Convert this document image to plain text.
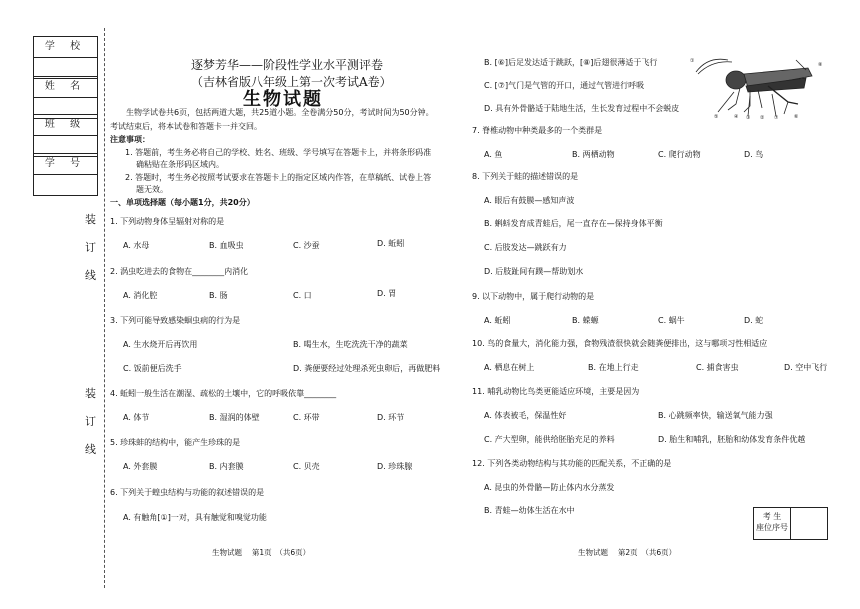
学 校
姓 名
班 级
学 号
装
订
线
装
订
线
逐梦芳华——阶段性学业水平测评卷
（吉林省版八年级上第一次考试A卷）
生物试题
生物学试卷共6页，包括两道大题，共25道小题。全卷满分50分，考试时间为50分钟。
考试结束后，将本试卷和答题卡一并交回。
注意事项：
1. 答题前，考生务必将自己的学校、姓名、班级、学号填写在答题卡上，并将条形码准
确粘贴在条形码区域内。
2. 答题时，考生务必按照考试要求在答题卡上的指定区域内作答，在草稿纸、试卷上答
题无效。
一、单项选择题（每小题1分，共20分）
1. 下列动物身体呈辐射对称的是
A. 水母	B. 血吸虫	C. 沙蚕	D. 蚯蚓
2. 涡虫吃进去的食物在________内消化
A. 消化腔	B. 肠	C. 口	D. 胃
3. 下列可能导致感染蛔虫病的行为是
A. 生水烧开后再饮用	B. 喝生水，生吃洗洗干净的蔬菜
C. 饭前便后洗手	D. 粪便要经过处理杀死虫卵后，再做肥料
4. 蚯蚓一般生活在潮湿、疏松的土壤中，它的呼吸依靠________
A. 体节	B. 湿润的体壁	C. 环带	D. 环节
5. 珍珠蚌的结构中，能产生珍珠的是
A. 外套膜	B. 内套膜	C. 贝壳	D. 珍珠腺
6. 下列关于蝗虫结构与功能的叙述错误的是
A. 有触角[①]一对，具有触觉和嗅觉功能
B. [⑥]后足发达适于跳跃，[⑧]后翅很薄适于飞行
C. [⑦]气门是气管的开口，通过气管进行呼吸
D. 具有外骨骼适于陆地生活，生长发育过程中不会蜕皮
①
⑤	④ ③ ② ⑦	⑥
⑧
7. 脊椎动物中种类最多的一个类群是
A. 鱼	B. 两栖动物	C. 爬行动物	D. 鸟
8. 下列关于蛙的描述错误的是
A. 眼后有鼓膜—感知声波
B. 蝌蚪发育成青蛙后，尾一直存在—保持身体平衡
C. 后肢发达—跳跃有力
D. 后肢趾间有蹼—帮助划水
9. 以下动物中，属于爬行动物的是
A. 蚯蚓	B. 蝾螈	C. 蜗牛	D. 蛇
10. 鸟的食量大，消化能力强，食物残渣很快就会随粪便排出，这与哪项习性相适应
A. 栖息在树上	B. 在地上行走	C. 捕食害虫	D. 空中飞行
11. 哺乳动物比鸟类更能适应环境，主要是因为
A. 体表被毛，保温性好	B. 心跳频率快，输送氧气能力强
C. 产大型卵，能供给胚胎充足的养料	D. 胎生和哺乳，胚胎和幼体发育条件优越
12. 下列各类动物结构与其功能的匹配关系，不正确的是
A. 昆虫的外骨骼—防止体内水分蒸发
B. 青蛙—幼体生活在水中
考 生
座位序号
生物试题　 第1页　（共6页）	生物试题　 第2页　（共6页）
